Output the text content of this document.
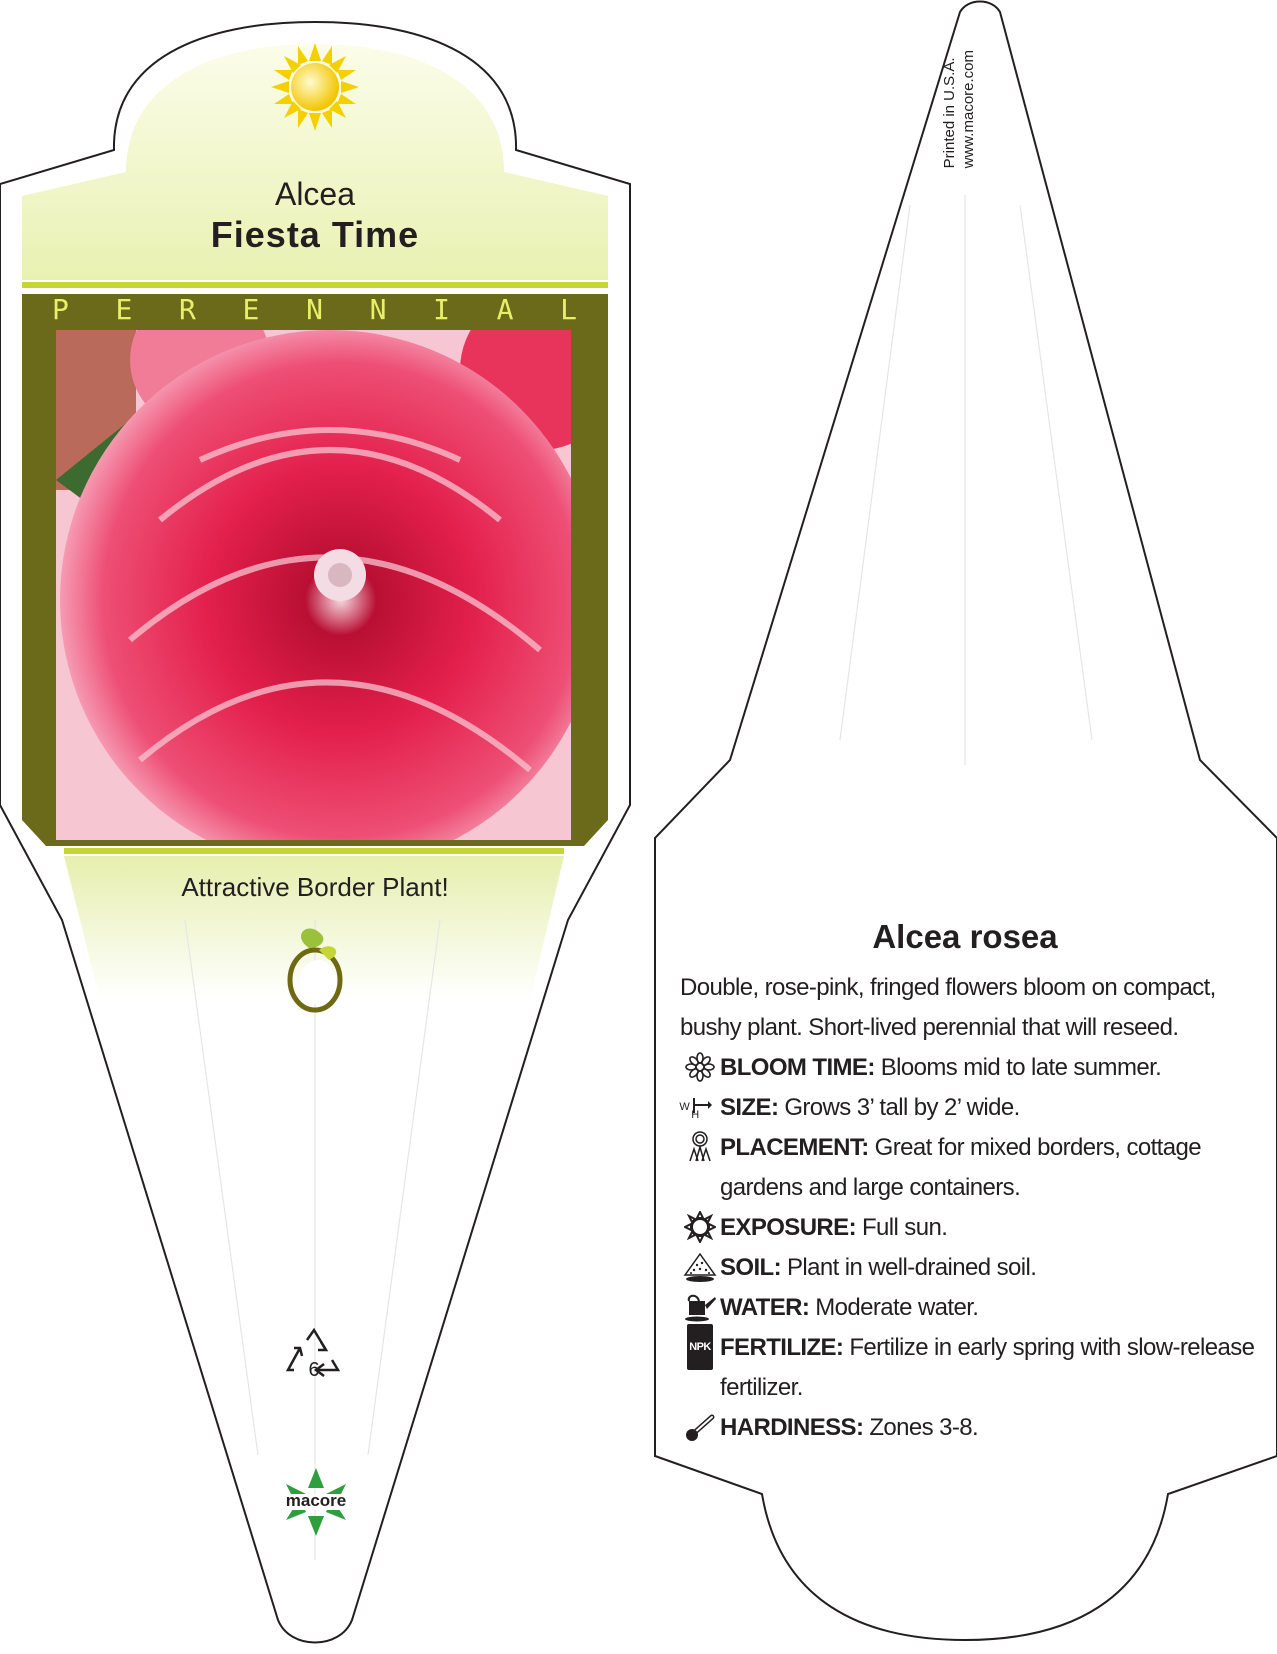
Alcea
Fiesta Time
P E R E N N I A L
Attractive Border Plant!
6
macore
Printed in U.S.A. www.macore.com
Alcea rosea

Double, rose-pink, fringed flowers bloom on compact, bushy plant. Short-lived perennial that will reseed.

BLOOM TIME: Blooms mid to late summer.
W
H SIZE: Grows 3’ tall by 2’ wide.
PLACEMENT: Great for mixed borders, cottage gardens and large containers.
EXPOSURE: Full sun.
SOIL: Plant in well-drained soil.
WATER: Moderate water.
NPK FERTILIZE: Fertilize in early spring with slow-release fertilizer.
HARDINESS: Zones 3-8.
